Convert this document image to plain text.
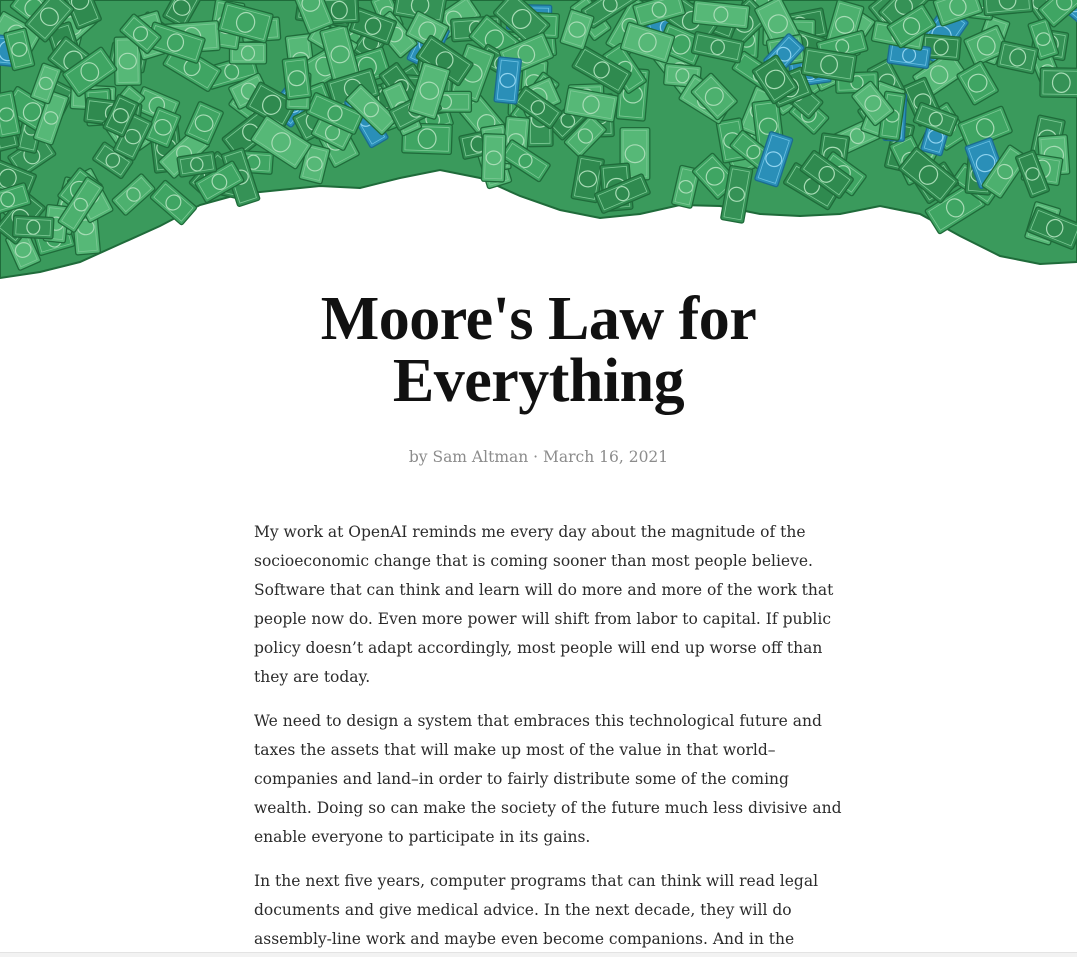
Moore's Law for
Everything
by Sam Altman · March 16, 2021

My work at OpenAI reminds me every day about the magnitude of the socioeconomic change that is coming sooner than most people believe. Software that can think and learn will do more and more of the work that people now do. Even more power will shift from labor to capital. If public policy doesn’t adapt accordingly, most people will end up worse off than they are today.

We need to design a system that embraces this technological future and taxes the assets that will make up most of the value in that world–companies and land–in order to fairly distribute some of the coming wealth. Doing so can make the society of the future much less divisive and enable everyone to participate in its gains.

In the next five years, computer programs that can think will read legal documents and give medical advice. In the next decade, they will do assembly-line work and maybe even become companions. And in the
